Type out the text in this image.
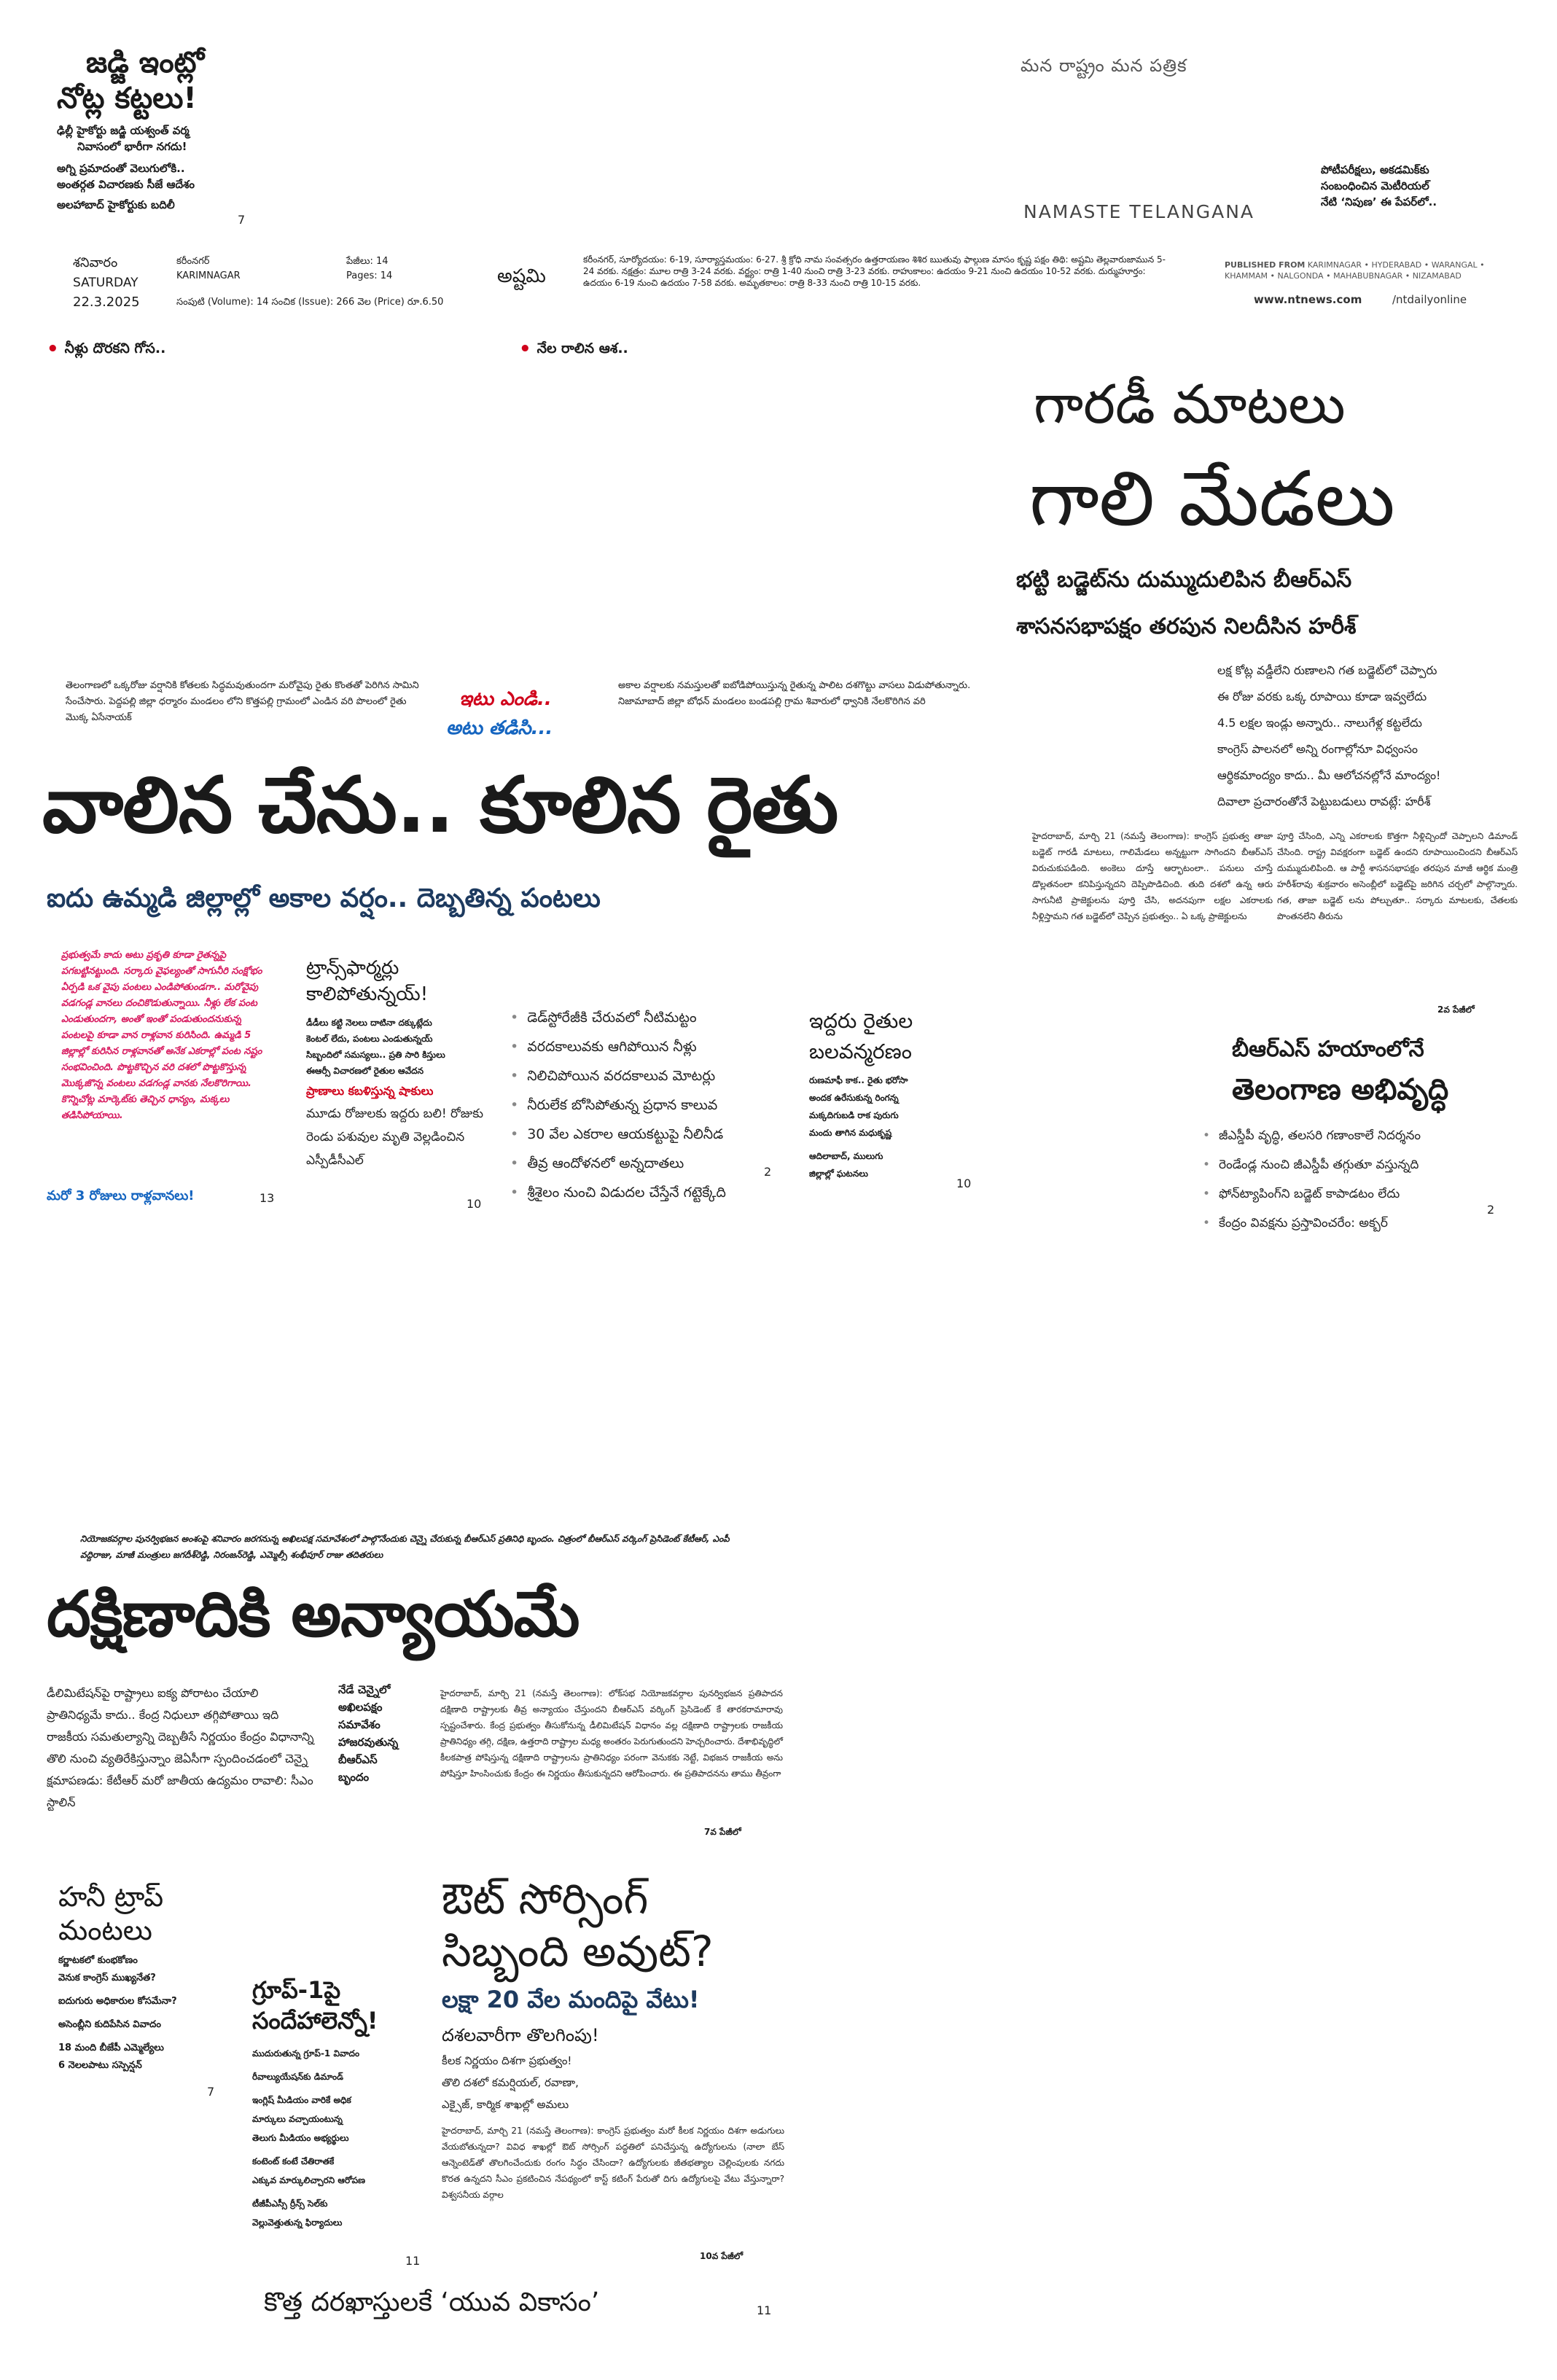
జడ్జి ఇంట్లో
నోట్ల కట్టలు!
ఢిల్లీ హైకోర్టు జడ్జి యశ్వంత్ వర్మ
నివాసంలో భారీగా నగదు!
అగ్ని ప్రమాదంతో వెలుగులోకి..
అంతర్గత విచారణకు సీజే ఆదేశం
అలహాబాద్ హైకోర్టుకు బదిలీ
7
మన రాష్ట్రం మన పత్రిక
NAMASTE TELANGANA
పోటీపరీక్షలు, అకడమిక్‌కు
సంబంధించిన మెటీరియల్
నేటి ‘నిపుణ’ ఈ పేపర్‌లో..
శనివారం
SATURDAY
22.3.2025
కరీంనగర్
KARIMNAGAR
పేజీలు: 14
Pages: 14
సంపుటి (Volume): 14 సంచిక (Issue): 266 వెల (Price) రూ.6.50
అష్టమి
కరీంనగర్, సూర్యోదయం: 6-19, సూర్యాస్తమయం: 6-27. శ్రీ క్రోధి నామ సంవత్సరం ఉత్తరాయణం శిశిర ఋతువు ఫాల్గుణ మాసం కృష్ణ పక్షం తిథి: అష్టమి తెల్లవారుజామున 5-24 వరకు. నక్షత్రం: మూల రాత్రి 3-24 వరకు. వర్జ్యం: రాత్రి 1-40 నుంచి రాత్రి 3-23 వరకు. రాహుకాలం: ఉదయం 9-21 నుంచి ఉదయం 10-52 వరకు. దుర్ముహూర్తం: ఉదయం 6-19 నుంచి ఉదయం 7-58 వరకు. అమృతకాలం: రాత్రి 8-33 నుంచి రాత్రి 10-15 వరకు.
PUBLISHED FROM KARIMNAGAR • HYDERABAD • WARANGAL • KHAMMAM • NALGONDA • MAHABUBNAGAR • NIZAMABAD
www.ntnews.com	/ntdailyonline
• నీళ్లు దొరకని గోస..
•	నేల రాలిన ఆశ..
తెలంగాణలో ఒక్కరోజు వర్షానికి కోతలకు సిద్ధమవుతుందగా మరోవైపు రైతు కొంతతో పెరిగిన సామిని సేంచేసారు. పెద్దపల్లి జిల్లా ధర్మారం మండలం లోని కొత్తపల్లి గ్రామంలో ఎండిన వరి పొలంలో రైతు మొక్క ఏసేనాయక్
ఇటు ఎండి..
అటు తడిసి...
అకాల వర్షాలకు నమస్తులతో ఐబోడిపోయిస్తున్న రైతున్న పాలిట దశగొట్టు వాసలు విడుపోతున్నారు. నిజామాబాద్ జిల్లా బోధన్ మండలం బండపల్లి గ్రామ శివారులో ధ్వానికి నేలకొరిగిన వరి
వాలిన చేను.. కూలిన రైతు
ఐదు ఉమ్మడి జిల్లాల్లో అకాల వర్షం.. దెబ్బతిన్న పంటలు
ప్రభుత్వమే కాదు అటు ప్రకృతి కూడా రైతన్నపై పగబట్టినట్టుంది. సర్కారు వైఫల్యంతో సాగునీరి సంక్షోభం ఏర్పడి ఒక వైపు పంటలు ఎండిపోతుండగా.. మరోవైపు వడగండ్ల వానలు దంచికొడుతున్నాయి. నీళ్లు లేక పంట ఎండుతుందగా, అంతో ఇంతో పండుతుందనుకున్న పంటలపై కూడా వాన రాళ్లవాన కురిసింది. ఉమ్మడి 5 జిల్లాల్లో కురిసిన రాళ్లవానతో అనేక ఎకరాల్లో పంట నష్టం సంభవించింది. పొట్టకొచ్చిన వరి దశలో పొట్టకొస్తున్న మొక్కజొన్న వంటలు వడగండ్ల వానకు నేలకొరిగాయి. కొన్నిచోట్ల మార్కెట్‌కు తెచ్చిన ధాన్యం, మక్కలు తడిసిపోయాయి.
మరో 3 రోజులు రాళ్లవానలు!	13
ట్రాన్స్‌ఫార్మర్లు కాలిపోతున్నయ్!
డీడీలు కట్టి నెలలు దాటినా దక్కుట్లేదు
కెంటల్ లేదు, పంటలు ఎండుతున్నయ్
సిబ్బందిలో సమస్యలు.. ప్రతి సారి కిస్తులు
ఈఆర్సీ విచారణలో రైతుల ఆవేదన
ప్రాణాలు కబళిస్తున్న షాకులు
మూడు రోజులకు ఇద్దరు బలి! రోజుకు రెండు పశువుల మృతి వెల్లడించిన ఎస్పీడీసీఎల్
10
• డెడ్‌స్టోరేజీకి చేరువలో నీటిమట్టం
• వరదకాలువకు ఆగిపోయిన నీళ్లు
• నిలిచిపోయిన వరదకాలువ మోటర్లు
• నీరులేక బోసిపోతున్న ప్రధాన కాలువ
• 30 వేల ఎకరాల ఆయకట్టుపై నీలినీడ
• తీవ్ర ఆందోళనలో అన్నదాతలు
• శ్రీశైలం నుంచి విడుదల చేస్తేనే గట్టెక్కేది
2
ఇద్దరు రైతుల బలవన్మరణం
రుణమాఫీ కాక.. రైతు భరోసా
అందక ఉరేసుకున్న రింగన్న
మక్కదిగుబడి రాక పురుగు
మందు తాగిన మధుకృష్ణ
ఆదిలాబాద్, ములుగు
జిల్లాల్లో ఘటనలు
10
గారడీ మాటలు
గాలి మేడలు
భట్టి బడ్జెట్‌ను దుమ్ముదులిపిన బీఆర్‌ఎస్
శాసనసభాపక్షం తరపున నిలదీసిన హరీశ్
లక్ష కోట్ల వడ్డీలేని రుణాలని గత బడ్జెట్‌లో చెప్పారు
ఈ రోజు వరకు ఒక్క రూపాయి కూడా ఇవ్వలేదు
4.5 లక్షల ఇండ్లు అన్నారు.. నాలుగేళ్ల కట్టలేదు
కాంగ్రెస్ పాలనలో అన్ని రంగాల్లోనూ విధ్వంసం
ఆర్థికమాంద్యం కాదు.. మీ ఆలోచనల్లోనే మాంద్యం!
దివాలా ప్రచారంతోనే పెట్టుబడులు రావట్లే: హరీశ్
హైదరాబాద్, మార్చి 21 (నమస్తే తెలంగాణ): కాంగ్రెస్ ప్రభుత్వ తాజా బడ్జెట్ గారడీ మాటలు, గాలిమేడలు అన్నట్టుగా సాగిందని బీఆర్‌ఎస్ విరుచుకుపడింది. అంకెలు దూస్తే ఆర్భాటంలా.. పనులు చూస్తే డొల్లతనంలా కనిపిస్తున్నదని దెప్పిపొడిచింది. తుది దశలో ఉన్న ఆరు సాగునీటి ప్రాజెక్టులను పూర్తి చేసి, అదనపుగా లక్షల ఎకరాలకు నీళ్లిస్తామని గత బడ్జెట్‌లో చెప్పిన ప్రభుత్వం.. ఏ ఒక్క ప్రాజెక్టులను
పూర్తి చేసింది, ఎన్ని ఎకరాలకు కొత్తగా నీళ్లిచ్చిందో చెప్పాలని డిమాండ్ చేసింది. రాష్ట్ర వివక్షరంగా బడ్జెట్ ఉందని రూపాయించిందని బీఆర్‌ఎస్ దుమ్ముదులిపింది. ఆ పార్టీ శాసనసభాపక్షం తరపున మాజీ ఆర్థిక మంత్రి హరీశ్‌రావు శుక్రవారం అసెంబ్లీలో బడ్జెట్‌పై జరిగిన చర్చలో పాల్గొన్నారు. గత, తాజా బడ్జెట్ లను పోల్చుతూ.. సర్కారు మాటలకు, చేతలకు పొంతనలేని తీరును
2వ పేజీలో
బీఆర్‌ఎస్ హయాంలోనే
తెలంగాణ అభివృద్ధి
• జీఎస్డీపీ వృద్ధి, తలసరి గణాంకాలే నిదర్శనం
• రెండేండ్ల నుంచి జీఎస్డీపీ తగ్గుతూ వస్తున్నది
• ఫోన్‌ట్యాపింగ్‌ని బడ్జెట్ కాపాడటం లేదు
• కేంద్రం వివక్షను ప్రస్తావించరేం: అక్బర్
2
నియోజకవర్గాల పునర్విభజన అంశంపై శనివారం జరగనున్న అఖిలపక్ష సమావేశంలో పాల్గొనేందుకు చెన్నై చేరుకున్న బీఆర్‌ఎస్ ప్రతినిధి బృందం. చిత్రంలో బీఆర్‌ఎస్ వర్కింగ్ ప్రెసిడెంట్ కేటీఆర్, ఎంపీ వద్దిరాజు, మాజీ మంత్రులు జగదీశ్‌రెడ్డి, నిరంజన్‌రెడ్డి, ఎమ్మెల్సీ శంభీపూర్ రాజు తదితరులు
దక్షిణాదికి అన్యాయమే
డీలిమిటేషన్‌పై రాష్ట్రాలు ఐక్య పోరాటం చేయాలి ప్రాతినిధ్యమే కాదు.. కేంద్ర నిధులూ తగ్గిపోతాయి ఇది రాజకీయ సమతుల్యాన్ని దెబ్బతీసే నిర్ణయం కేంద్రం విధానాన్ని తొలి నుంచి వ్యతిరేకిస్తున్నాం జెఏసీగా స్పందించడంలో చెన్నై క్షమాపణడు: కేటీఆర్ మరో జాతీయ ఉద్యమం రావాలి: సీఎం స్టాలిన్
నేడే చెన్నైలో
అఖిలపక్షం
సమావేశం
హాజరవుతున్న
బీఆర్‌ఎస్
బృందం
హైదరాబాద్, మార్చి 21 (నమస్తే తెలంగాణ): లోక్‌సభ నియోజకవర్గాల పునర్విభజన ప్రతిపాదన దక్షిణాది రాష్ట్రాలకు తీవ్ర అన్యాయం చేస్తుందని బీఆర్‌ఎస్ వర్కింగ్ ప్రెసిడెంట్ కే తారకరామారావు స్పష్టంచేశారు. కేంద్ర ప్రభుత్వం తీసుకోనున్న డీలిమిటేషన్ విధానం వల్ల దక్షిణాది రాష్ట్రాలకు రాజకీయ ప్రాతినిధ్యం తగ్గి, దక్షిణ, ఉత్తరాది రాష్ట్రాల మధ్య అంతరం పెరుగుతుందని హెచ్చరించారు. దేశాభివృద్ధిలో కీలకపాత్ర పోషిస్తున్న దక్షిణాది రాష్ట్రాలను ప్రాతినిధ్యం పరంగా వెనుకకు నెట్టే, విభజన రాజకీయ అను పోషిస్తూ హింసించుకు కేంద్రం ఈ నిర్ణయం తీసుకున్నదని ఆరోపించారు. ఈ ప్రతిపాదనను తాము తీవ్రంగా
7వ పేజీలో
హనీ ట్రాప్
మంటలు
కర్ణాటకలో కుంభకోణం
వెనుక కాంగ్రెస్ ముఖ్యనేత?
ఐదుగురు అధికారుల కోసమేనా?
అసెంబ్లీని కుదిపేసిన వివాదం
18 మంది బీజేపీ ఎమ్మెల్యేలు
6 నెలలపాటు సస్పెన్షన్
7
గ్రూప్-1పై
సందేహాలెన్నో!
ముదురుతున్న గ్రూప్-1 వివాదం
రీవాల్యుయేషన్‌కు డిమాండ్
ఇంగ్లిష్ మీడియం వారికే అధిక
మార్కులు వచ్చాయంటున్న
తెలుగు మీడియం అభ్యర్థులు
కంటెంట్ కంటే చేతిరాతకే
ఎక్కువ మార్కులిచ్చారని ఆరోపణ
టీజీపీఎస్సీ ర్రీన్స్ సెల్‌కు
వెల్లువెత్తుతున్న ఫిర్యాదులు
11
ఔట్ సోర్సింగ్
సిబ్బంది అవుట్?
లక్షా 20 వేల మందిపై వేటు!
దశలవారీగా తొలగింపు!
కీలక నిర్ణయం దిశగా ప్రభుత్వం!
తొలి దశలో కమర్షియల్, రవాణా,
ఎక్సైజ్, కార్మిక శాఖల్లో అమలు
హైదరాబాద్, మార్చి 21 (నమస్తే తెలంగాణ): కాంగ్రెస్ ప్రభుత్వం మరో కీలక నిర్ణయం దిశగా అడుగులు వేయబోతున్నదా? వివిధ శాఖల్లో ఔట్ సోర్సింగ్ పద్ధతిలో పనిచేస్తున్న ఉద్యోగులను (నాలా బేస్ ఆన్నెంటెడ్‌తో తొలగించేందుకు రంగం సిద్ధం చేసిందా? ఉద్యోగులకు జీతభత్యాల చెల్లింపులకు నగదు కొరత ఉన్నదని సీఎం ప్రకటించిన నేపథ్యంలో కాస్ట్ కటింగ్ పేరుతో దిగు ఉద్యోగులపై వేటు వేస్తున్నారా? విశ్వసనీయ వర్గాల
10వ పేజీలో
కొత్త దరఖాస్తులకే ‘యువ వికాసం’	11
